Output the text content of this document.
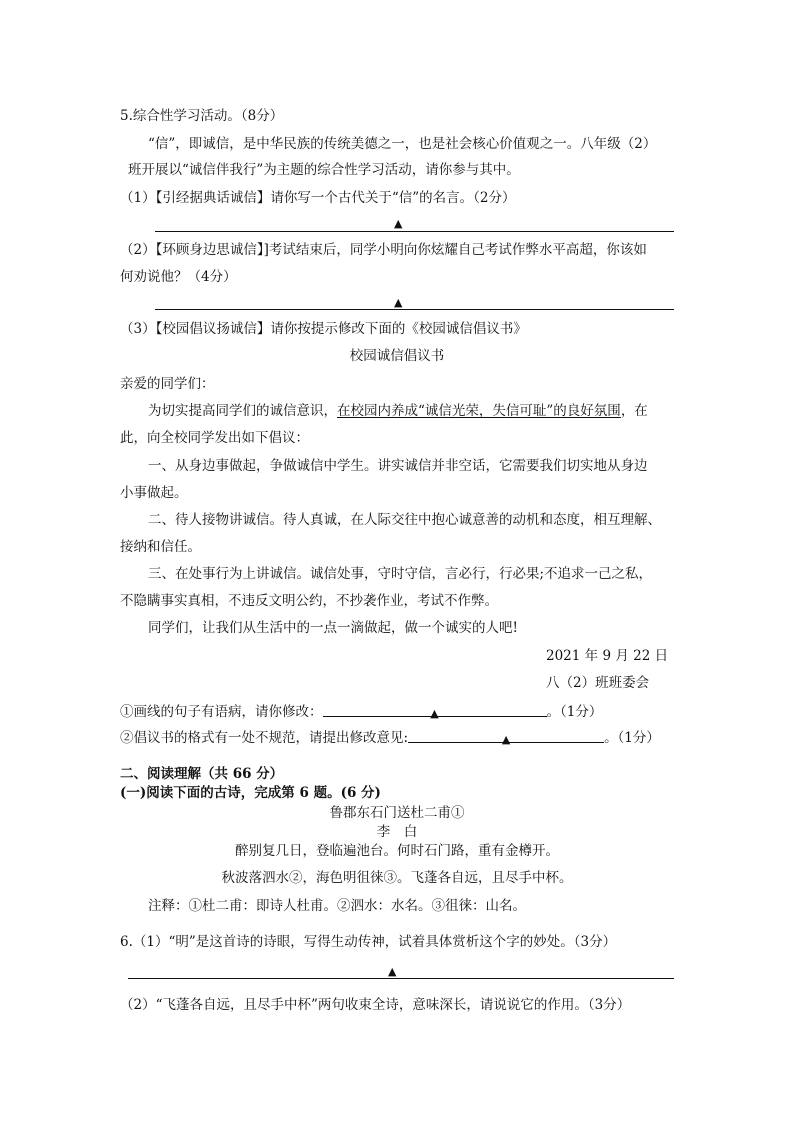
5.综合性学习活动。（8分）
“信”，即诚信，是中华民族的传统美德之一，也是社会核心价值观之一。八年级（2）
班开展以“诚信伴我行”为主题的综合性学习活动，请你参与其中。
（1）【引经据典话诚信】请你写一个古代关于“信”的名言。（2分）
▲
（2）【环顾身边思诚信】]考试结束后，同学小明向你炫耀自己考试作弊水平高超，你该如
何劝说他？（4分）
▲
（3）【校园倡议扬诚信】请你按提示修改下面的《校园诚信倡议书》
校园诚信倡议书
亲爱的同学们：
为切实提高同学们的诚信意识，在校园内养成“诚信光荣，失信可耻”的良好氛围，在
此，向全校同学发出如下倡议：
一、从身边事做起，争做诚信中学生。讲实诚信并非空话，它需要我们切实地从身边
小事做起。
二、待人接物讲诚信。待人真诚，在人际交往中抱心诚意善的动机和态度，相互理解、
接纳和信任。
三、在处事行为上讲诚信。诚信处事，守时守信，言必行，行必果;不追求一己之私，
不隐瞒事实真相，不违反文明公约，不抄袭作业，考试不作弊。
同学们，让我们从生活中的一点一滴做起，做一个诚实的人吧!
2021 年 9 月 22 日
八（2）班班委会
①画线的句子有语病，请你修改：	▲	。（1分）
②倡议书的格式有一处不规范，请提出修改意见:	▲	。（1分）
二、阅读理解（共 66 分）
(一)阅读下面的古诗，完成第 6 题。(6 分)
鲁郡东石门送杜二甫①
李　白
醉别复几日，登临遍池台。何时石门路，重有金樽开。
秋波落泗水②，海色明徂徕③。飞蓬各自远，且尽手中杯。
注释：①杜二甫：即诗人杜甫。②泗水：水名。③徂徕：山名。
6.（1）“明”是这首诗的诗眼，写得生动传神，试着具体赏析这个字的妙处。（3分）
▲
（2）“飞蓬各自远，且尽手中杯”两句收束全诗，意味深长，请说说它的作用。（3分）
